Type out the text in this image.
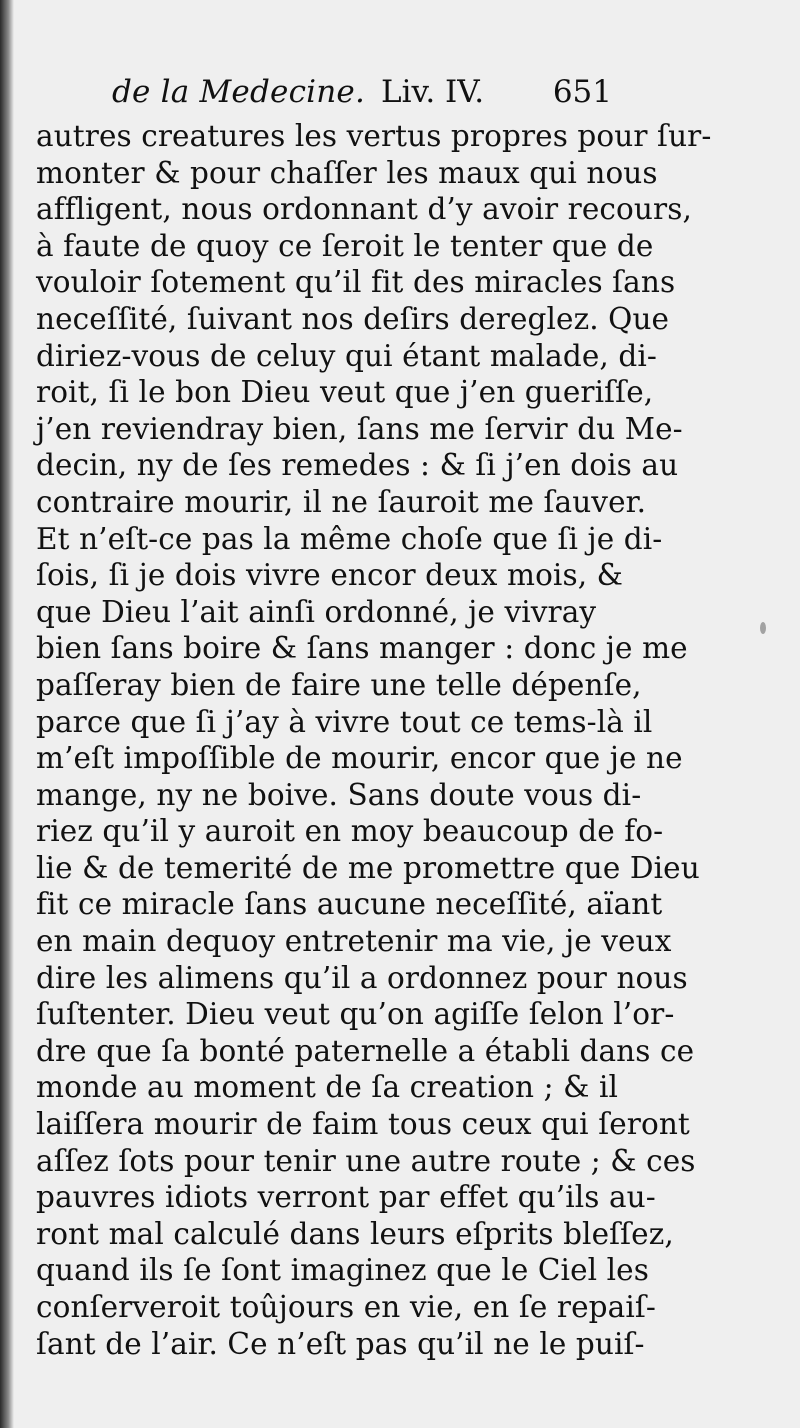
de la Medecine. Liv. IV. 651
autres creatures les vertus propres pour ſur-
monter & pour chaſſer les maux qui nous
affligent, nous ordonnant d’y avoir recours,
à faute de quoy ce ſeroit le tenter que de
vouloir ſotement qu’il fit des miracles ſans
neceſſité, ſuivant nos deſirs dereglez. Que
diriez-vous de celuy qui étant malade, di-
roit, ſi le bon Dieu veut que j’en gueriſſe,
j’en reviendray bien, ſans me ſervir du Me-
decin, ny de ſes remedes : & ſi j’en dois au
contraire mourir, il ne ſauroit me ſauver.
Et n’eſt-ce pas la même choſe que ſi je di-
ſois, ſi je dois vivre encor deux mois, &
que Dieu l’ait ainſi ordonné, je vivray
bien ſans boire & ſans manger : donc je me
paſſeray bien de faire une telle dépenſe,
parce que ſi j’ay à vivre tout ce tems-là il
m’eſt impoſſible de mourir, encor que je ne
mange, ny ne boive. Sans doute vous di-
riez qu’il y auroit en moy beaucoup de fo-
lie & de temerité de me promettre que Dieu
fit ce miracle ſans aucune neceſſité, aïant
en main dequoy entretenir ma vie, je veux
dire les alimens qu’il a ordonnez pour nous
ſuſtenter. Dieu veut qu’on agiſſe ſelon l’or-
dre que ſa bonté paternelle a établi dans ce
monde au moment de ſa creation ; & il
laiſſera mourir de faim tous ceux qui ſeront
aſſez ſots pour tenir une autre route ; & ces
pauvres idiots verront par effet qu’ils au-
ront mal calculé dans leurs eſprits bleſſez,
quand ils ſe ſont imaginez que le Ciel les
conſerveroit toûjours en vie, en ſe repaiſ-
ſant de l’air. Ce n’eſt pas qu’il ne le puiſ-
